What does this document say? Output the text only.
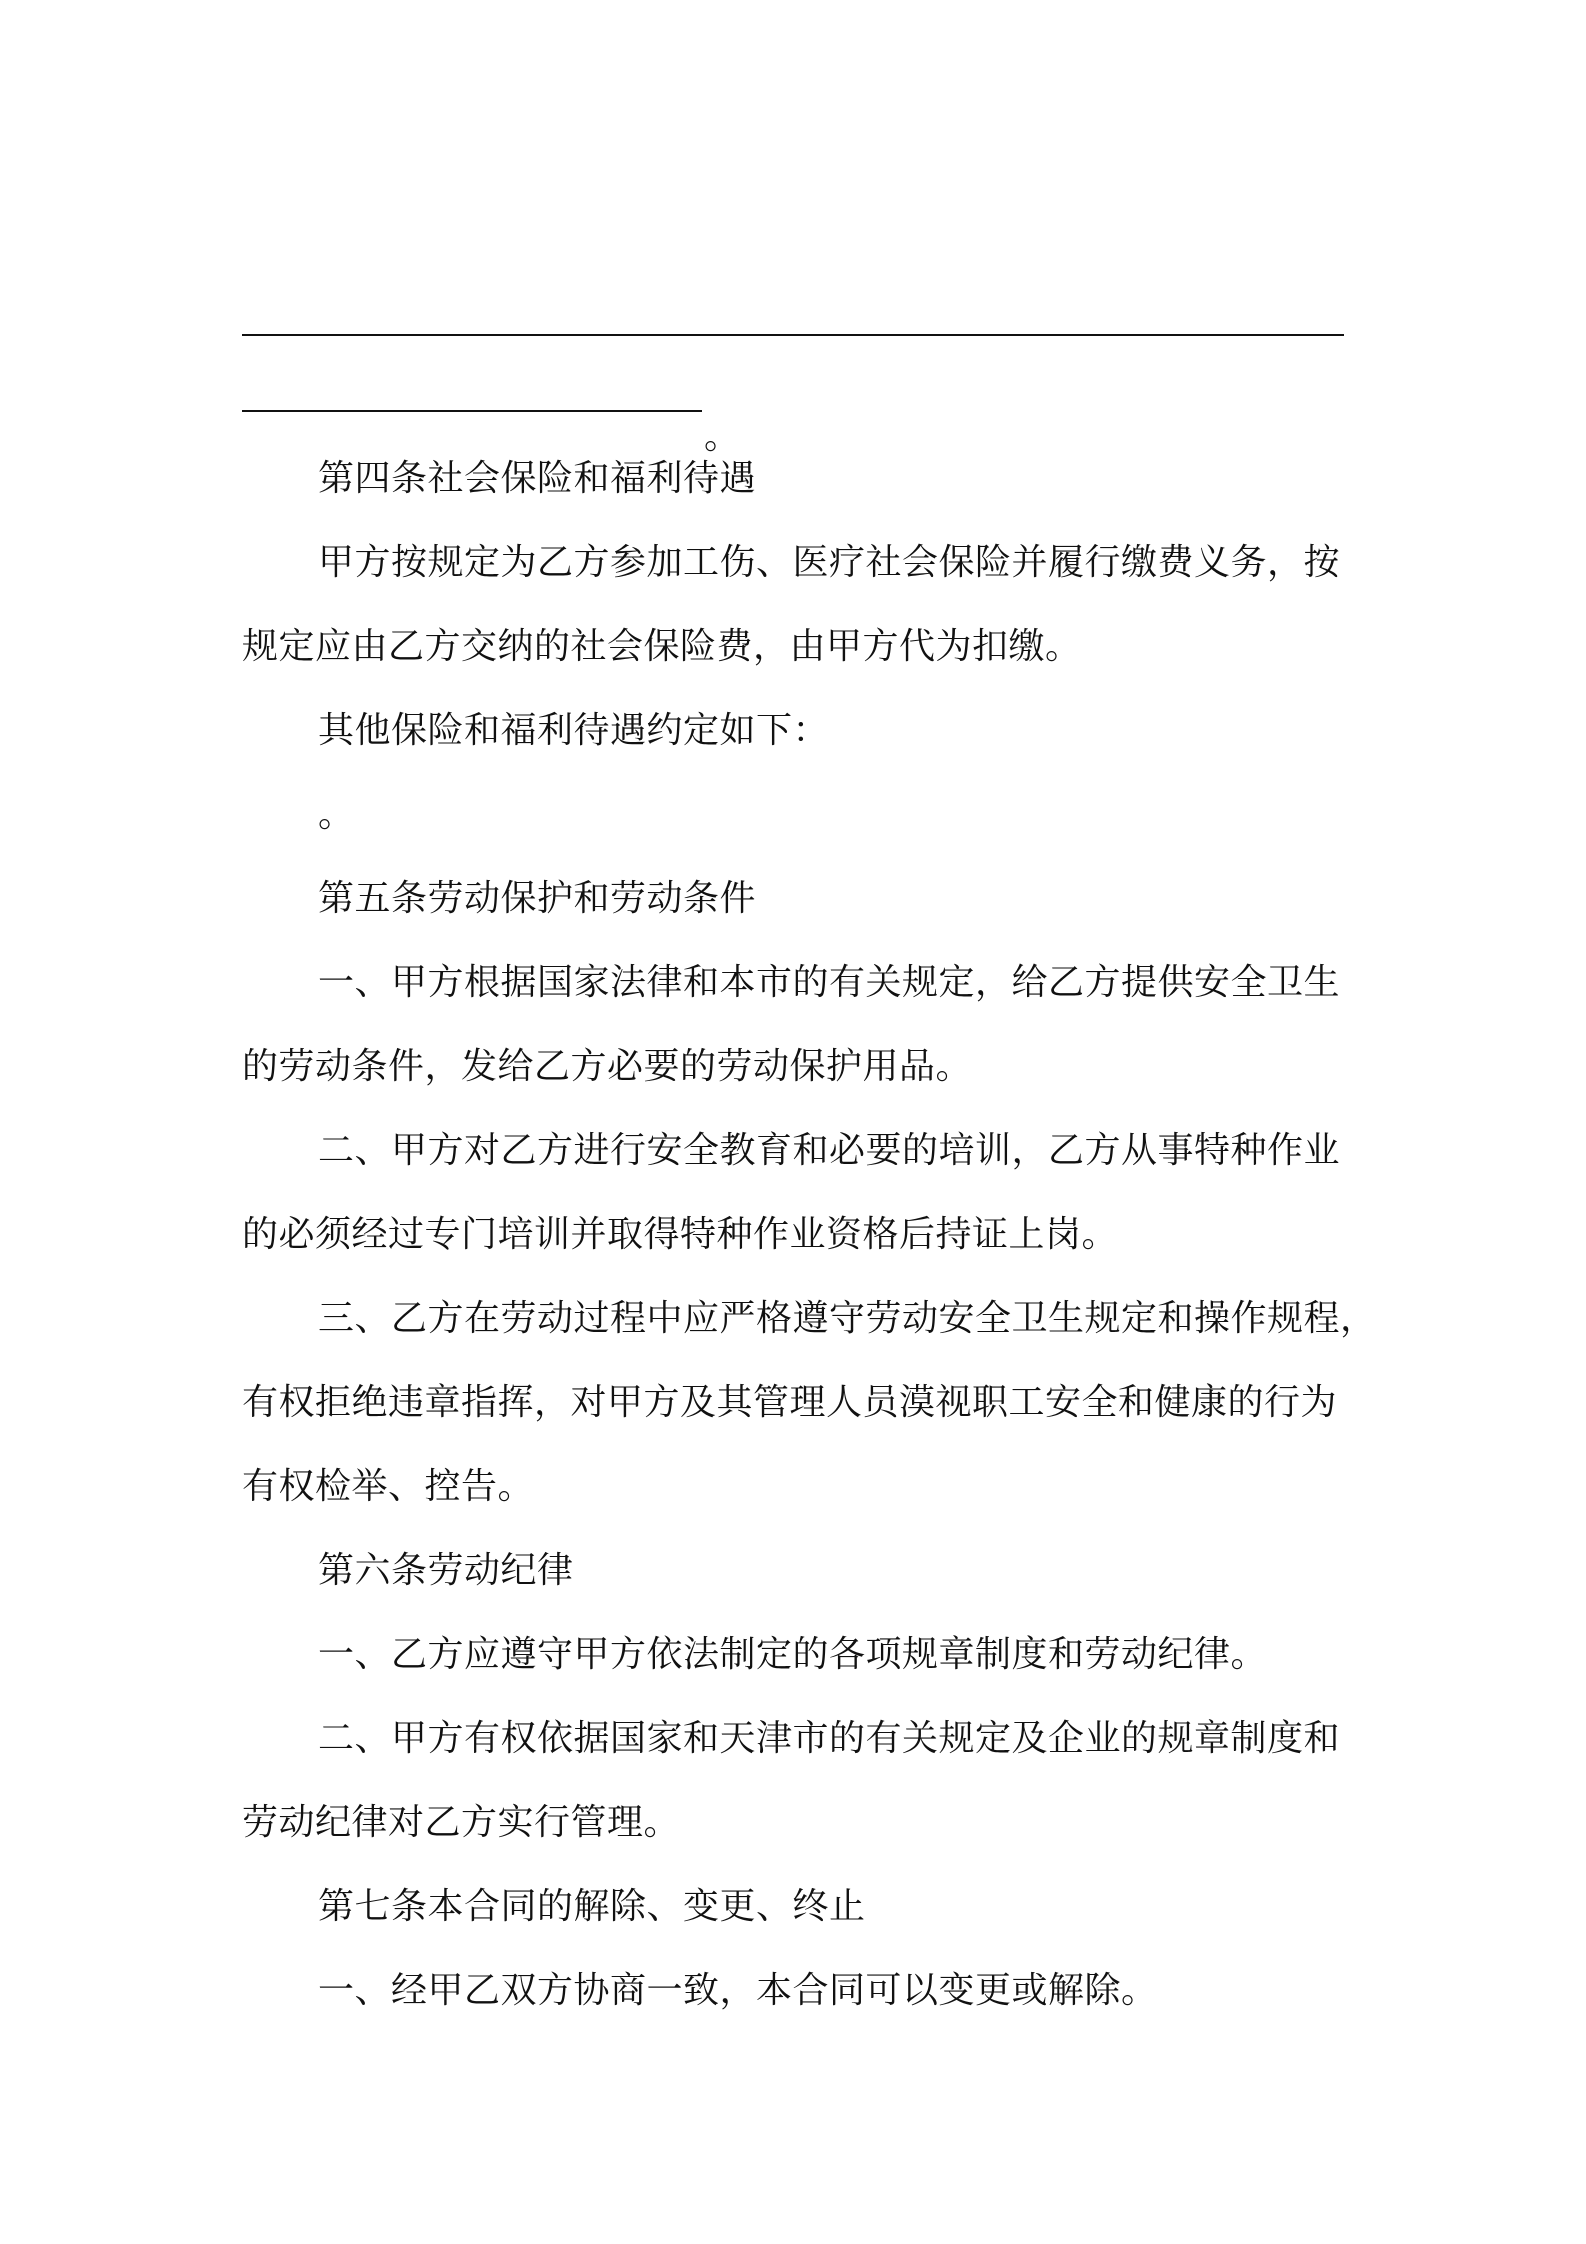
。

第四条社会保险和福利待遇

甲方按规定为乙方参加工伤、医疗社会保险并履行缴费义务，按

规定应由乙方交纳的社会保险费，由甲方代为扣缴。

其他保险和福利待遇约定如下：

。

第五条劳动保护和劳动条件

一、甲方根据国家法律和本市的有关规定，给乙方提供安全卫生

的劳动条件，发给乙方必要的劳动保护用品。

二、甲方对乙方进行安全教育和必要的培训，乙方从事特种作业

的必须经过专门培训并取得特种作业资格后持证上岗。

三、乙方在劳动过程中应严格遵守劳动安全卫生规定和操作规程，

有权拒绝违章指挥，对甲方及其管理人员漠视职工安全和健康的行为

有权检举、控告。

第六条劳动纪律

一、乙方应遵守甲方依法制定的各项规章制度和劳动纪律。

二、甲方有权依据国家和天津市的有关规定及企业的规章制度和

劳动纪律对乙方实行管理。

第七条本合同的解除、变更、终止

一、经甲乙双方协商一致，本合同可以变更或解除。
